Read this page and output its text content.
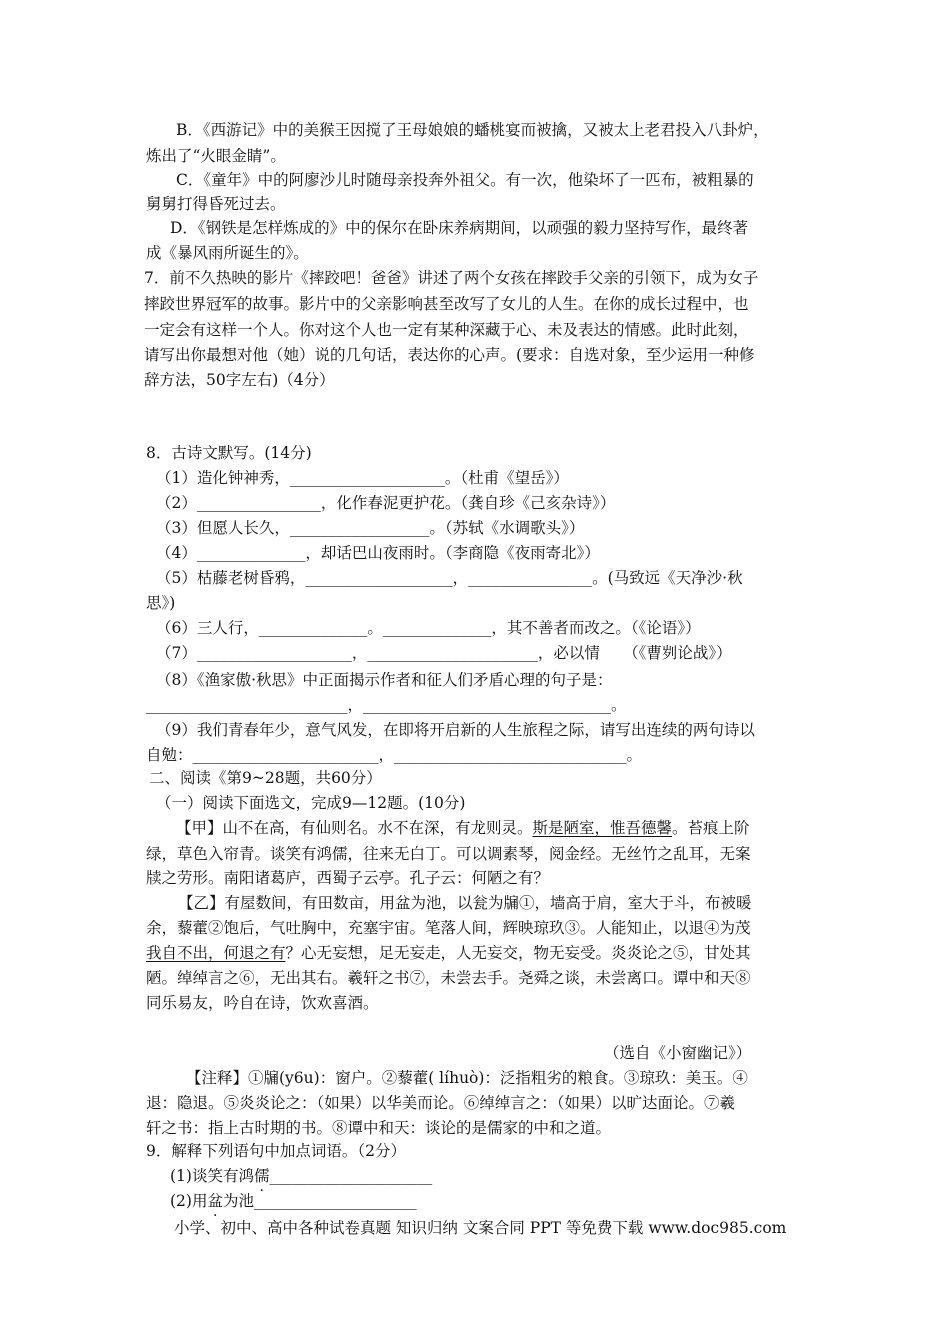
B．《西游记》中的美猴王因搅了王母娘娘的蟠桃宴而被擒，又被太上老君投入八卦炉，
炼出了“火眼金睛”。
C．《童年》中的阿廖沙儿时随母亲投奔外祖父。有一次，他染坏了一匹布，被粗暴的
舅舅打得昏死过去。
D．《钢铁是怎样炼成的》中的保尔在卧床养病期间，以顽强的毅力坚持写作，最终著
成《暴风雨所诞生的》。
7．前不久热映的影片《摔跤吧！爸爸》讲述了两个女孩在摔跤手父亲的引领下，成为女子
摔跤世界冠军的故事。影片中的父亲影响甚至改写了女儿的人生。在你的成长过程中，也
一定会有这样一个人。你对这个人也一定有某种深藏于心、未及表达的情感。此时此刻，
请写出你最想对他（她）说的几句话，表达你的心声。(要求：自选对象，至少运用一种修
辞方法，50字左右)（4分）
8．古诗文默写。(14分)
（1）造化钟神秀，____________________。（杜甫《望岳》）
（2）________________，化作春泥更护花。（龚自珍《己亥杂诗》）
（3）但愿人长久，__________________。（苏轼《水调歌头》）
（4）______________，却话巴山夜雨时。（李商隐《夜雨寄北》）
（5）枯藤老树昏鸦，___________________，________________。(马致远《天净沙·秋
思》)
（6）三人行，______________。______________，其不善者而改之。（《论语》）
（7）____________________，______________________，必以情　　（《曹刿论战》）
（8）《渔家傲·秋思》中正面揭示作者和征人们矛盾心理的句子是：
__________________________，________________________________。
（9）我们青春年少，意气风发，在即将开启新的人生旅程之际，请写出连续的两句诗以
自勉：________________________，______________________________。
二、阅读《第9~28题，共60分）
（一）阅读下面选文，完成9—12题。(10分)
【甲】山不在高，有仙则名。水不在深，有龙则灵。斯是陋室，惟吾德馨。苔痕上阶
绿，草色入帘青。谈笑有鸿儒，往来无白丁。可以调素琴，阅金经。无丝竹之乱耳，无案
牍之劳形。南阳诸葛庐，西蜀子云亭。孔子云：何陋之有？
【乙】有屋数间，有田数亩，用盆为池，以瓮为牖①，墙高于肩，室大于斗，布被暖
余，藜藿②饱后，气吐胸中，充塞宇宙。笔落人间，辉映琼玖③。人能知止，以退④为茂
我自不出，何退之有？心无妄想，足无妄走，人无妄交，物无妄受。炎炎论之⑤，甘处其
陋。绰绰言之⑥，无出其右。羲轩之书⑦，未尝去手。尧舜之谈，未尝离口。谭中和天⑧
同乐易友，吟自在诗，饮欢喜酒。
（选自《小窗幽记》）
【注释】①牖(y6u)：窗户。②藜藿( líhuò)：泛指粗劣的粮食。③琼玖：美玉。④
退：隐退。⑤炎炎论之：（如果）以华美而论。⑥绰绰言之：（如果）以旷达面论。⑦羲
轩之书：指上古时期的书。⑧谭中和天：谈论的是儒家的中和之道。
9．解释下列语句中加点词语。（2分）
(1)谈笑有鸿儒_____________________
(2)用盆为池_____________________
小学、初中、高中各种试卷真题 知识归纳 文案合同 PPT 等免费下载 www.doc985.com
